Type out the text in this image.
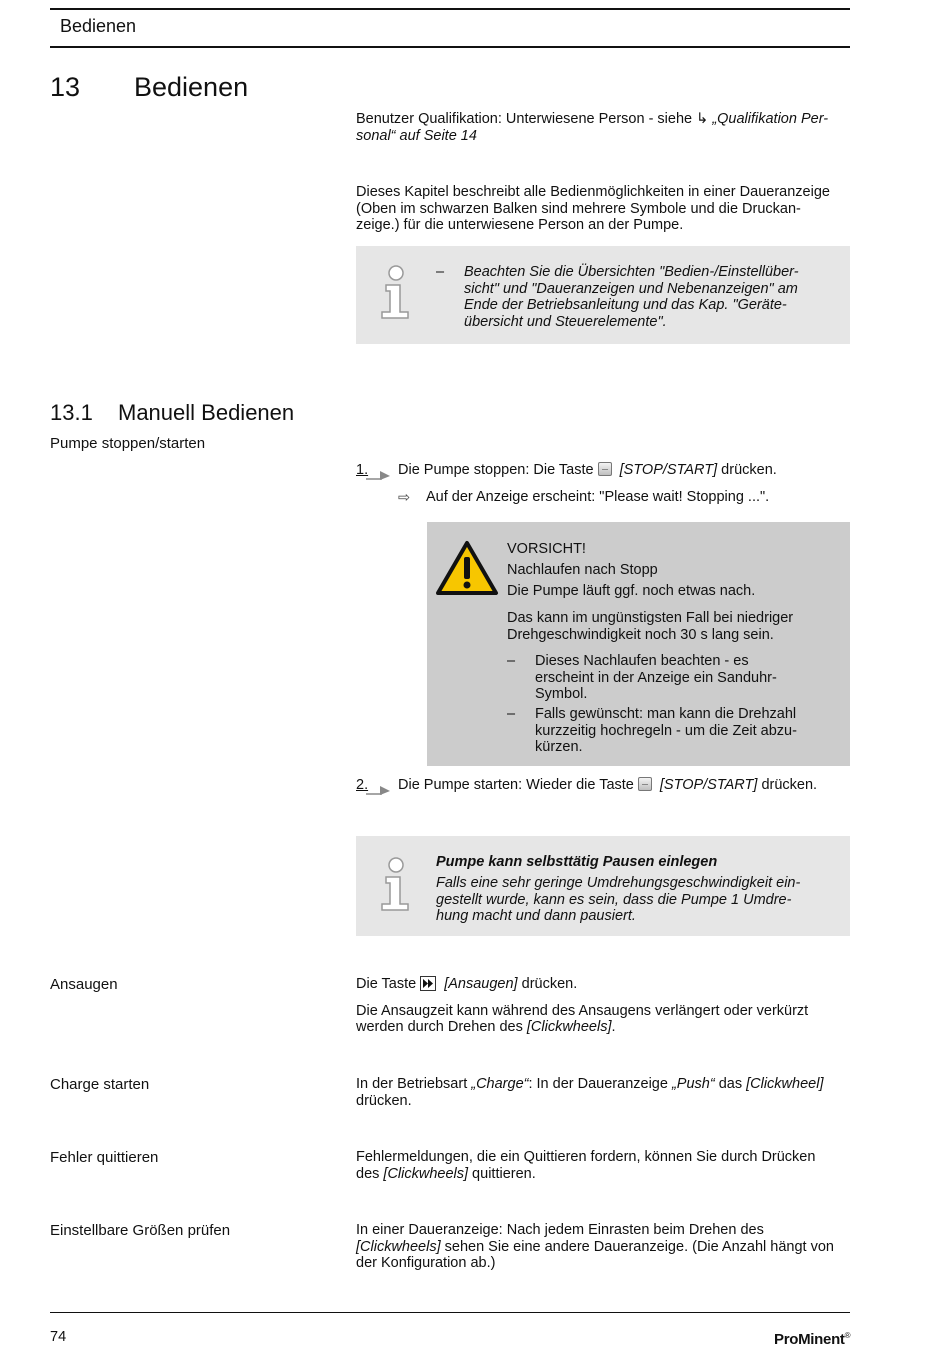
Bedienen
13 Bedienen
Benutzer Qualifikation: Unterwiesene Person - siehe ↳ „Qualifikation Per-
sonal“ auf Seite 14
Dieses Kapitel beschreibt alle Bedienmöglichkeiten in einer Daueranzeige
(Oben im schwarzen Balken sind mehrere Symbole und die Druckan-
zeige.) für die unterwiesene Person an der Pumpe.
– Beachten Sie die Übersichten "Bedien-/Einstellüber-
sicht" und "Daueranzeigen und Nebenanzeigen" am
Ende der Betriebsanleitung und das Kap. "Geräte-
übersicht und Steuerelemente".
13.1 Manuell Bedienen
Pumpe stoppen/starten
1. Die Pumpe stoppen: Die Taste [STOP/START] drücken.
⇨ Auf der Anzeige erscheint: "Please wait! Stopping ...".
VORSICHT!
Nachlaufen nach Stopp
Die Pumpe läuft ggf. noch etwas nach.
Das kann im ungünstigsten Fall bei niedriger
Drehgeschwindigkeit noch 30 s lang sein.
– Dieses Nachlaufen beachten - es
erscheint in der Anzeige ein Sanduhr-
Symbol.
– Falls gewünscht: man kann die Drehzahl
kurzzeitig hochregeln - um die Zeit abzu-
kürzen.
2. Die Pumpe starten: Wieder die Taste [STOP/START] drücken.
Pumpe kann selbsttätig Pausen einlegen
Falls eine sehr geringe Umdrehungsgeschwindigkeit ein-
gestellt wurde, kann es sein, dass die Pumpe 1 Umdre-
hung macht und dann pausiert.
Ansaugen	Die Taste [Ansaugen] drücken.
Die Ansaugzeit kann während des Ansaugens verlängert oder verkürzt
werden durch Drehen des [Clickwheels].
Charge starten	In der Betriebsart „Charge“: In der Daueranzeige „Push“ das [Clickwheel]
drücken.
Fehler quittieren	Fehlermeldungen, die ein Quittieren fordern, können Sie durch Drücken
des [Clickwheels] quittieren.
Einstellbare Größen prüfen	In einer Daueranzeige: Nach jedem Einrasten beim Drehen des
[Clickwheels] sehen Sie eine andere Daueranzeige. (Die Anzahl hängt von
der Konfiguration ab.)
74	ProMinent®
